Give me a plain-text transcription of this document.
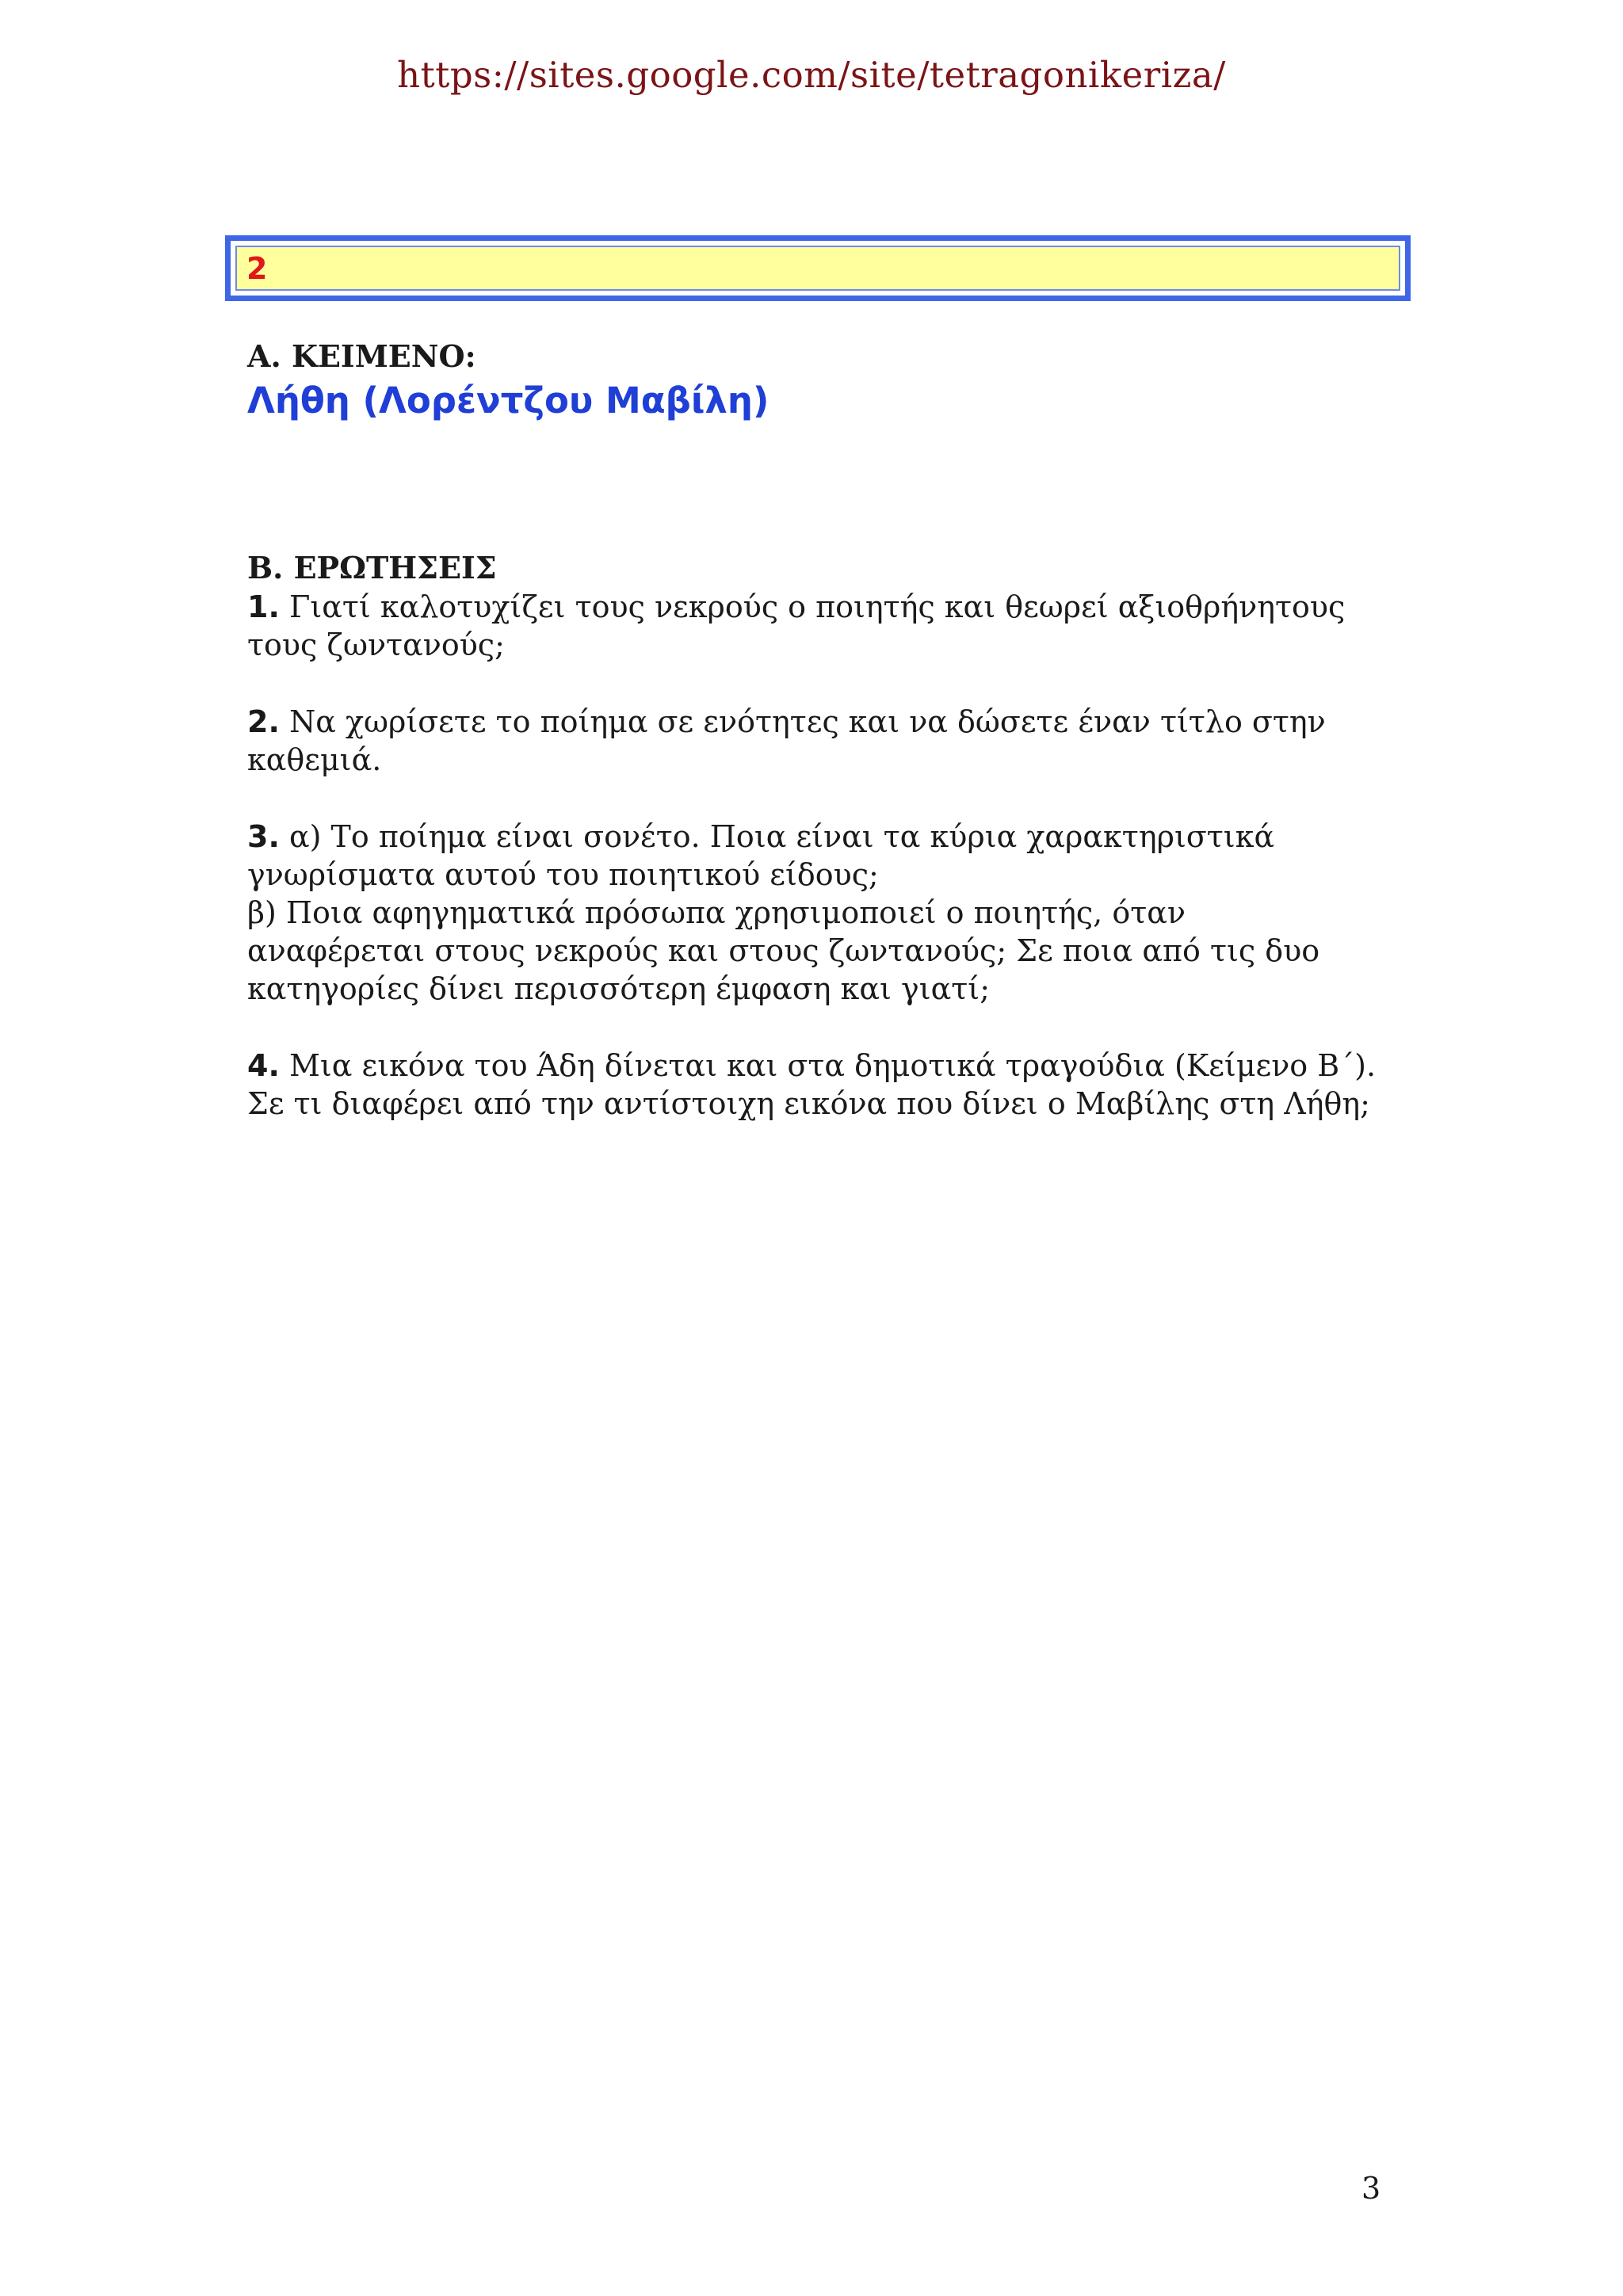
https://sites.google.com/site/tetragonikeriza/
2

Α. ΚΕΙΜΕΝΟ:

Λήθη (Λορέντζου Μαβίλη)

Β. ΕΡΩΤΗΣΕΙΣ

1. Γιατί καλοτυχίζει τους νεκρούς ο ποιητής και θεωρεί αξιοθρήνητους
τους ζωντανούς;

2. Να χωρίσετε το ποίημα σε ενότητες και να δώσετε έναν τίτλο στην
καθεμιά.

3. α) Το ποίημα είναι σονέτο. Ποια είναι τα κύρια χαρακτηριστικά
γνωρίσματα αυτού του ποιητικού είδους;
β) Ποια αφηγηματικά πρόσωπα χρησιμοποιεί ο ποιητής, όταν
αναφέρεται στους νεκρούς και στους ζωντανούς; Σε ποια από τις δυο
κατηγορίες δίνει περισσότερη έμφαση και γιατί;

4. Μια εικόνα του Άδη δίνεται και στα δημοτικά τραγούδια (Κείμενο Β΄).
Σε τι διαφέρει από την αντίστοιχη εικόνα που δίνει ο Μαβίλης στη Λήθη;

3
